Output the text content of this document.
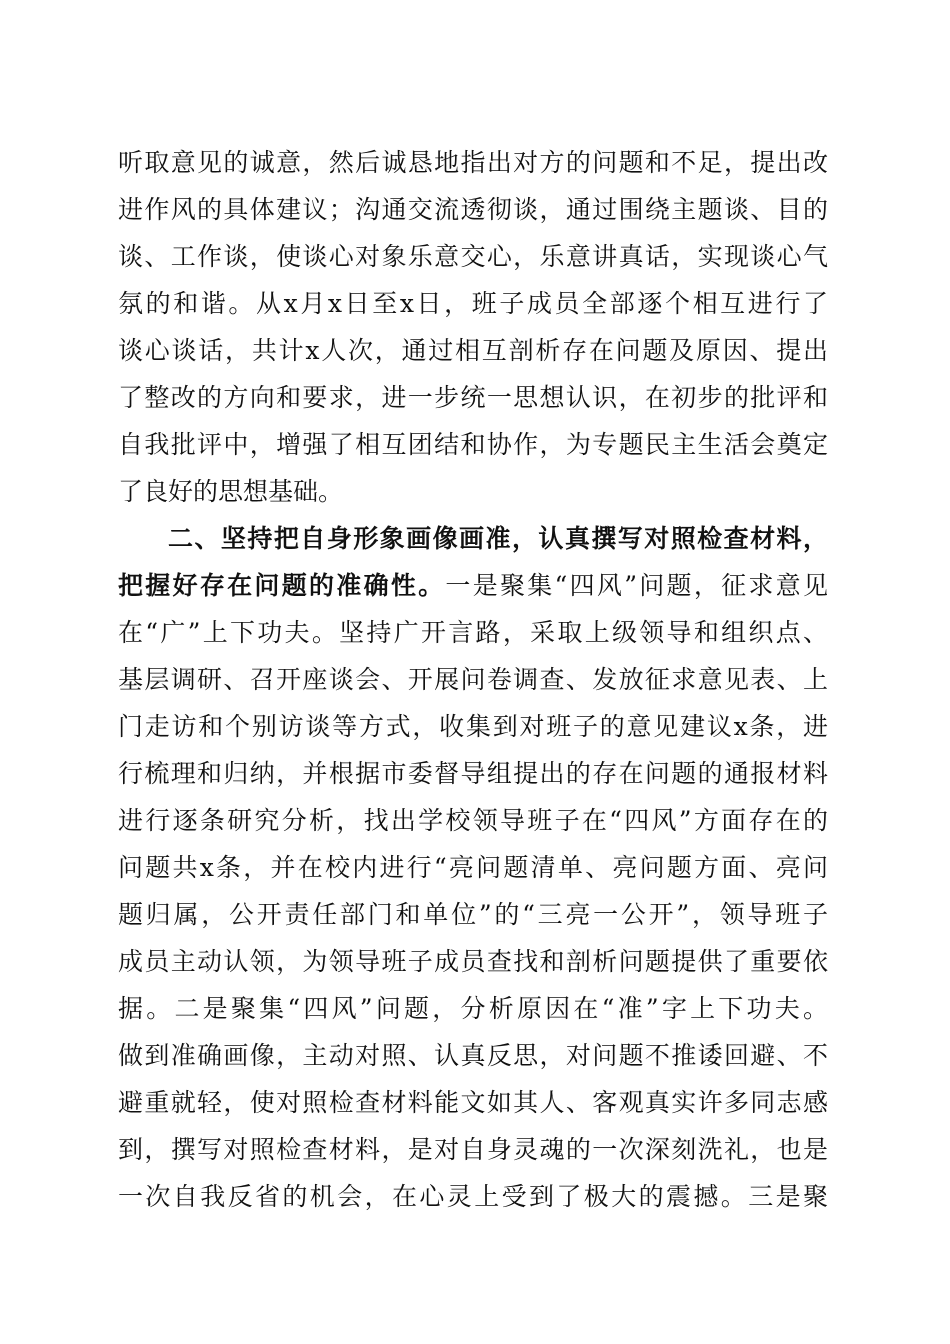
听取意见的诚意，然后诚恳地指出对方的问题和不足，提出改
进作风的具体建议；沟通交流透彻谈，通过围绕主题谈、目的
谈、工作谈，使谈心对象乐意交心，乐意讲真话，实现谈心气
氛的和谐。从x月x日至x日，班子成员全部逐个相互进行了
谈心谈话，共计x人次，通过相互剖析存在问题及原因、提出
了整改的方向和要求，进一步统一思想认识，在初步的批评和
自我批评中，增强了相互团结和协作，为专题民主生活会奠定
了良好的思想基础。
二、坚持把自身形象画像画准，认真撰写对照检查材料，
把握好存在问题的准确性。一是聚集“四风”问题，征求意见
在“广”上下功夫。坚持广开言路，采取上级领导和组织点、
基层调研、召开座谈会、开展问卷调查、发放征求意见表、上
门走访和个别访谈等方式，收集到对班子的意见建议x条，进
行梳理和归纳，并根据市委督导组提出的存在问题的通报材料
进行逐条研究分析，找出学校领导班子在“四风”方面存在的
问题共x条，并在校内进行“亮问题清单、亮问题方面、亮问
题归属，公开责任部门和单位”的“三亮一公开”，领导班子
成员主动认领，为领导班子成员查找和剖析问题提供了重要依
据。二是聚集“四风”问题，分析原因在“准”字上下功夫。
做到准确画像，主动对照、认真反思，对问题不推诿回避、不
避重就轻，使对照检查材料能文如其人、客观真实许多同志感
到，撰写对照检查材料，是对自身灵魂的一次深刻洗礼，也是
一次自我反省的机会，在心灵上受到了极大的震撼。三是聚
